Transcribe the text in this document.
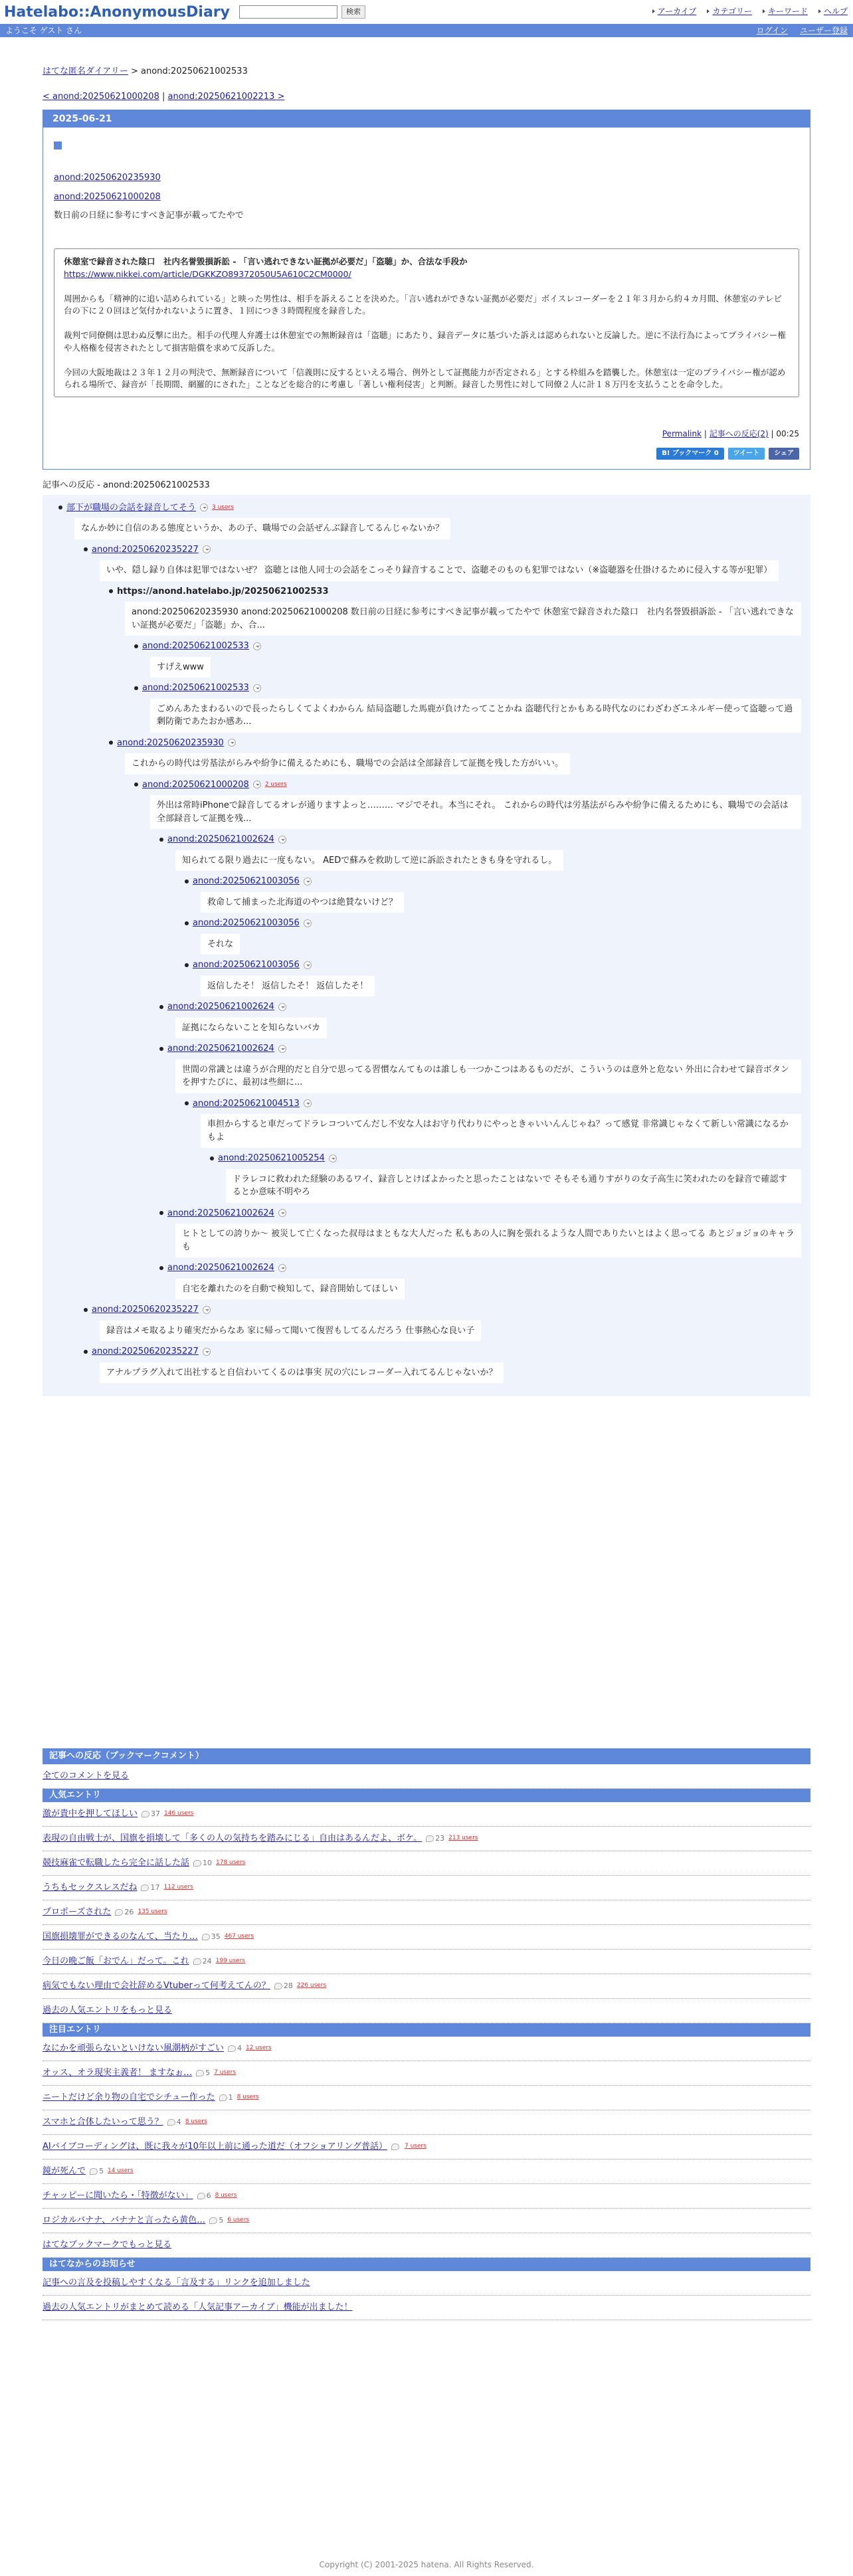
Hatelabo::AnonymousDiary	検索	アーカイブ カテゴリー キーワード ヘルプ
ようこそ ゲスト さん	ログイン ユーザー登録
はてな匿名ダイアリー > anond:20250621002533
< anond:20250621000208 | anond:20250621002213 >
2025-06-21

anond:20250620235930

anond:20250621000208

数日前の日経に参考にすべき記事が載ってたやで

休憩室で録音された陰口　社内名誉毀損訴訟 - 「言い逃れできない証拠が必要だ」「盗聴」か、合法な手段か
https://www.nikkei.com/article/DGKKZO89372050U5A610C2CM0000/

周囲からも「精神的に追い詰められている」と映った男性は、相手を訴えることを決めた。「言い逃れができない証拠が必要だ」ボイスレコーダーを２１年３月から約４カ月間、休憩室のテレビ台の下に２０回ほど気付かれないように置き、１回につき３時間程度を録音した。

裁判で同僚側は思わぬ反撃に出た。相手の代理人弁護士は休憩室での無断録音は「盗聴」にあたり、録音データに基づいた訴えは認められないと反論した。逆に不法行為によってプライバシー権や人格権を侵害されたとして損害賠償を求めて反訴した。

今回の大阪地裁は２３年１２月の判決で、無断録音について「信義則に反するといえる場合、例外として証拠能力が否定される」とする枠組みを踏襲した。休憩室は一定のプライバシー権が認められる場所で、録音が「長期間、網羅的にされた」ことなどを総合的に考慮し「著しい権利侵害」と判断。録音した男性に対して同僚２人に計１８万円を支払うことを命令した。

Permalink | 記事への反応(2) | 00:25
B! ブックマーク 0	ツイート	シェア
記事への反応 - anond:20250621002533
部下が職場の会話を録音してそう	3 users
なんか妙に自信のある態度というか、あの子、職場での会話ぜんぶ録音してるんじゃないか？
anond:20250620235227
いや、隠し録り自体は犯罪ではないぜ？ 盗聴とは他人同士の会話をこっそり録音することで、盗聴そのものも犯罪ではない（※盗聴器を仕掛けるために侵入する等が犯罪）
https://anond.hatelabo.jp/20250621002533
anond:20250620235930 anond:20250621000208 数日前の日経に参考にすべき記事が載ってたやで 休憩室で録音された陰口　社内名誉毀損訴訟 - 「言い逃れできない証拠が必要だ」「盗聴」か、合...
anond:20250621002533
すげえwww
anond:20250621002533
ごめんあたまわるいので長ったらしくてよくわからん 結局盗聴した馬鹿が負けたってことかね 盗聴代行とかもある時代なのにわざわざエネルギー使って盗聴って過剰防衛であたおか感あ...
anond:20250620235930
これからの時代は労基法がらみや紛争に備えるためにも、職場での会話は全部録音して証拠を残した方がいい。
anond:20250621000208	2 users
外出は常時iPhoneで録音してるオレが通りますよっと……… マジでそれ。本当にそれ。 これからの時代は労基法がらみや紛争に備えるためにも、職場での会話は全部録音して証拠を残...
anond:20250621002624
知られてる限り過去に一度もない。 AEDで蘇みを救助して逆に訴訟されたときも身を守れるし。
anond:20250621003056
救命して捕まった北海道のやつは絶賛ないけど？
anond:20250621003056
それな
anond:20250621003056
返信したそ！ 返信したそ！ 返信したそ！
anond:20250621002624
証拠にならないことを知らないバカ
anond:20250621002624
世間の常識とは違うが合理的だと自分で思ってる習慣なんてものは誰しも一つかこつはあるものだが、こういうのは意外と危ない 外出に合わせて録音ボタンを押すたびに、最初は些細に...
anond:20250621004513
車担からすると車だってドラレコついてんだし不安な人はお守り代わりにやっときゃいいんんじゃね？って感覚 非常識じゃなくて新しい常識になるかもよ
anond:20250621005254
ドラレコに救われた経験のあるワイ、録音しとけばよかったと思ったことはないで そもそも通りすがりの女子高生に笑われたのを録音で確認するとか意味不明やろ
anond:20250621002624
ヒトとしての誇りか～ 被災して亡くなった叔母はまともな大人だった 私もあの人に胸を張れるような人間でありたいとはよく思ってる あとジョジョのキャラも
anond:20250621002624
自宅を離れたのを自動で検知して、録音開始してほしい
anond:20250620235227
録音はメモ取るより確実だからなあ 家に帰って聞いて復習もしてるんだろう 仕事熱心な良い子
anond:20250620235227
アナルプラグ入れて出社すると自信わいてくるのは事実 尻の穴にレコーダー入れてるんじゃないか？
記事への反応（ブックマークコメント）
全てのコメントを見る
人気エントリ
激が貴中を押してほしい 37 146 users
表現の自由戦士が、国旗を損壊して「多くの人の気持ちを踏みにじる」自由はあるんだよ、ボケ。 23 213 users
競技麻雀で転職したら完全に話した話 10 178 users
うちもセックスレスだね 17 112 users
プロポーズされた 26 135 users
国旗損壊罪ができるのなんて、当たり… 35 467 users
今日の晩ご飯「おでん」だって。これ 24 199 users
病気でもない理由で会社辞めるVtuberって何考えてんの？ 28 226 users
過去の人気エントリをもっと見る
注目エントリ
なにかを頑張らないといけない風潮柄がすごい 4 12 users
オッス、オラ現実主義者！ ますなぉ… 5 7 users
ニートだけど余り物の自宅でシチュー作った 1 8 users
スマホと合体したいって思う？ 4 8 users
AIバイブコーディングは、既に我々が10年以上前に通った道だ（オフショアリング普話）	7 users
鏡が死んで 5 14 users
チャッピーに聞いたら・「特徴がない」 6 8 users
ロジカルバナナ、バナナと言ったら黄色… 5 6 users
はてなブックマークでもっと見る
はてなからのお知らせ
記事への言及を投稿しやすくなる「言及する」リンクを追加しました
過去の人気エントリがまとめて読める「人気記事アーカイブ」機能が出ました！
Copyright (C) 2001-2025 hatena. All Rights Reserved.
